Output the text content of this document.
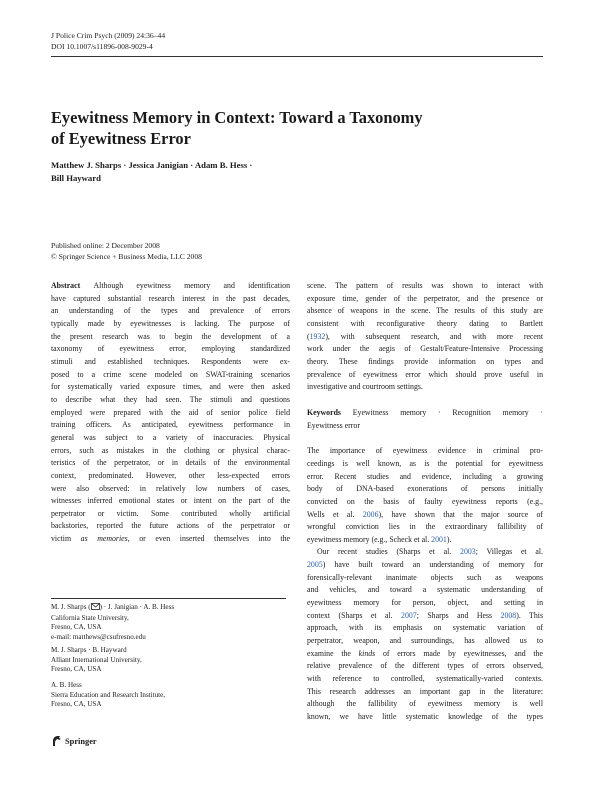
J Police Crim Psych (2009) 24:36–44
DOI 10.1007/s11896-008-9029-4
Eyewitness Memory in Context: Toward a Taxonomy
of Eyewitness Error
Matthew J. Sharps · Jessica Janigian · Adam B. Hess ·
Bill Hayward
Published online: 2 December 2008
© Springer Science + Business Media, LLC 2008
Abstract Although eyewitness memory and identification
have captured substantial research interest in the past decades,
an understanding of the types and prevalence of errors
typically made by eyewitnesses is lacking. The purpose of
the present research was to begin the development of a
taxonomy of eyewitness error, employing standardized
stimuli and established techniques. Respondents were ex-
posed to a crime scene modeled on SWAT-training scenarios
for systematically varied exposure times, and were then asked
to describe what they had seen. The stimuli and questions
employed were prepared with the aid of senior police field
training officers. As anticipated, eyewitness performance in
general was subject to a variety of inaccuracies. Physical
errors, such as mistakes in the clothing or physical charac-
teristics of the perpetrator, or in details of the environmental
context, predominated. However, other less-expected errors
were also observed: in relatively low numbers of cases,
witnesses inferred emotional states or intent on the part of the
perpetrator or victim. Some contributed wholly artificial
backstories, reported the future actions of the perpetrator or
victim as memories, or even inserted themselves into the
M. J. Sharps ( ) · J. Janigian · A. B. Hess
California State University,
Fresno, CA, USA
e-mail: matthews@csufresno.edu
M. J. Sharps · B. Hayward
Alliant International University,
Fresno, CA, USA
A. B. Hess
Sierra Education and Research Institute,
Fresno, CA, USA
Springer
scene. The pattern of results was shown to interact with
exposure time, gender of the perpetrator, and the presence or
absence of weapons in the scene. The results of this study are
consistent with reconfigurative theory dating to Bartlett
(1932), with subsequent research, and with more recent
work under the aegis of Gestalt/Feature-Intensive Processing
theory. These findings provide information on types and
prevalence of eyewitness error which should prove useful in
investigative and courtroom settings.
Keywords Eyewitness memory · Recognition memory ·
Eyewitness error
The importance of eyewitness evidence in criminal pro-
ceedings is well known, as is the potential for eyewitness
error. Recent studies and evidence, including a growing
body of DNA-based exonerations of persons initially
convicted on the basis of faulty eyewitness reports (e.g.,
Wells et al. 2006), have shown that the major source of
wrongful conviction lies in the extraordinary fallibility of
eyewitness memory (e.g., Scheck et al. 2001).
Our recent studies (Sharps et al. 2003; Villegas et al.
2005) have built toward an understanding of memory for
forensically-relevant inanimate objects such as weapons
and vehicles, and toward a systematic understanding of
eyewitness memory for person, object, and setting in
context (Sharps et al. 2007; Sharps and Hess 2008). This
approach, with its emphasis on systematic variation of
perpetrator, weapon, and surroundings, has allowed us to
examine the kinds of errors made by eyewitnesses, and the
relative prevalence of the different types of errors observed,
with reference to controlled, systematically-varied contexts.
This research addresses an important gap in the literature:
although the fallibility of eyewitness memory is well
known, we have little systematic knowledge of the types
